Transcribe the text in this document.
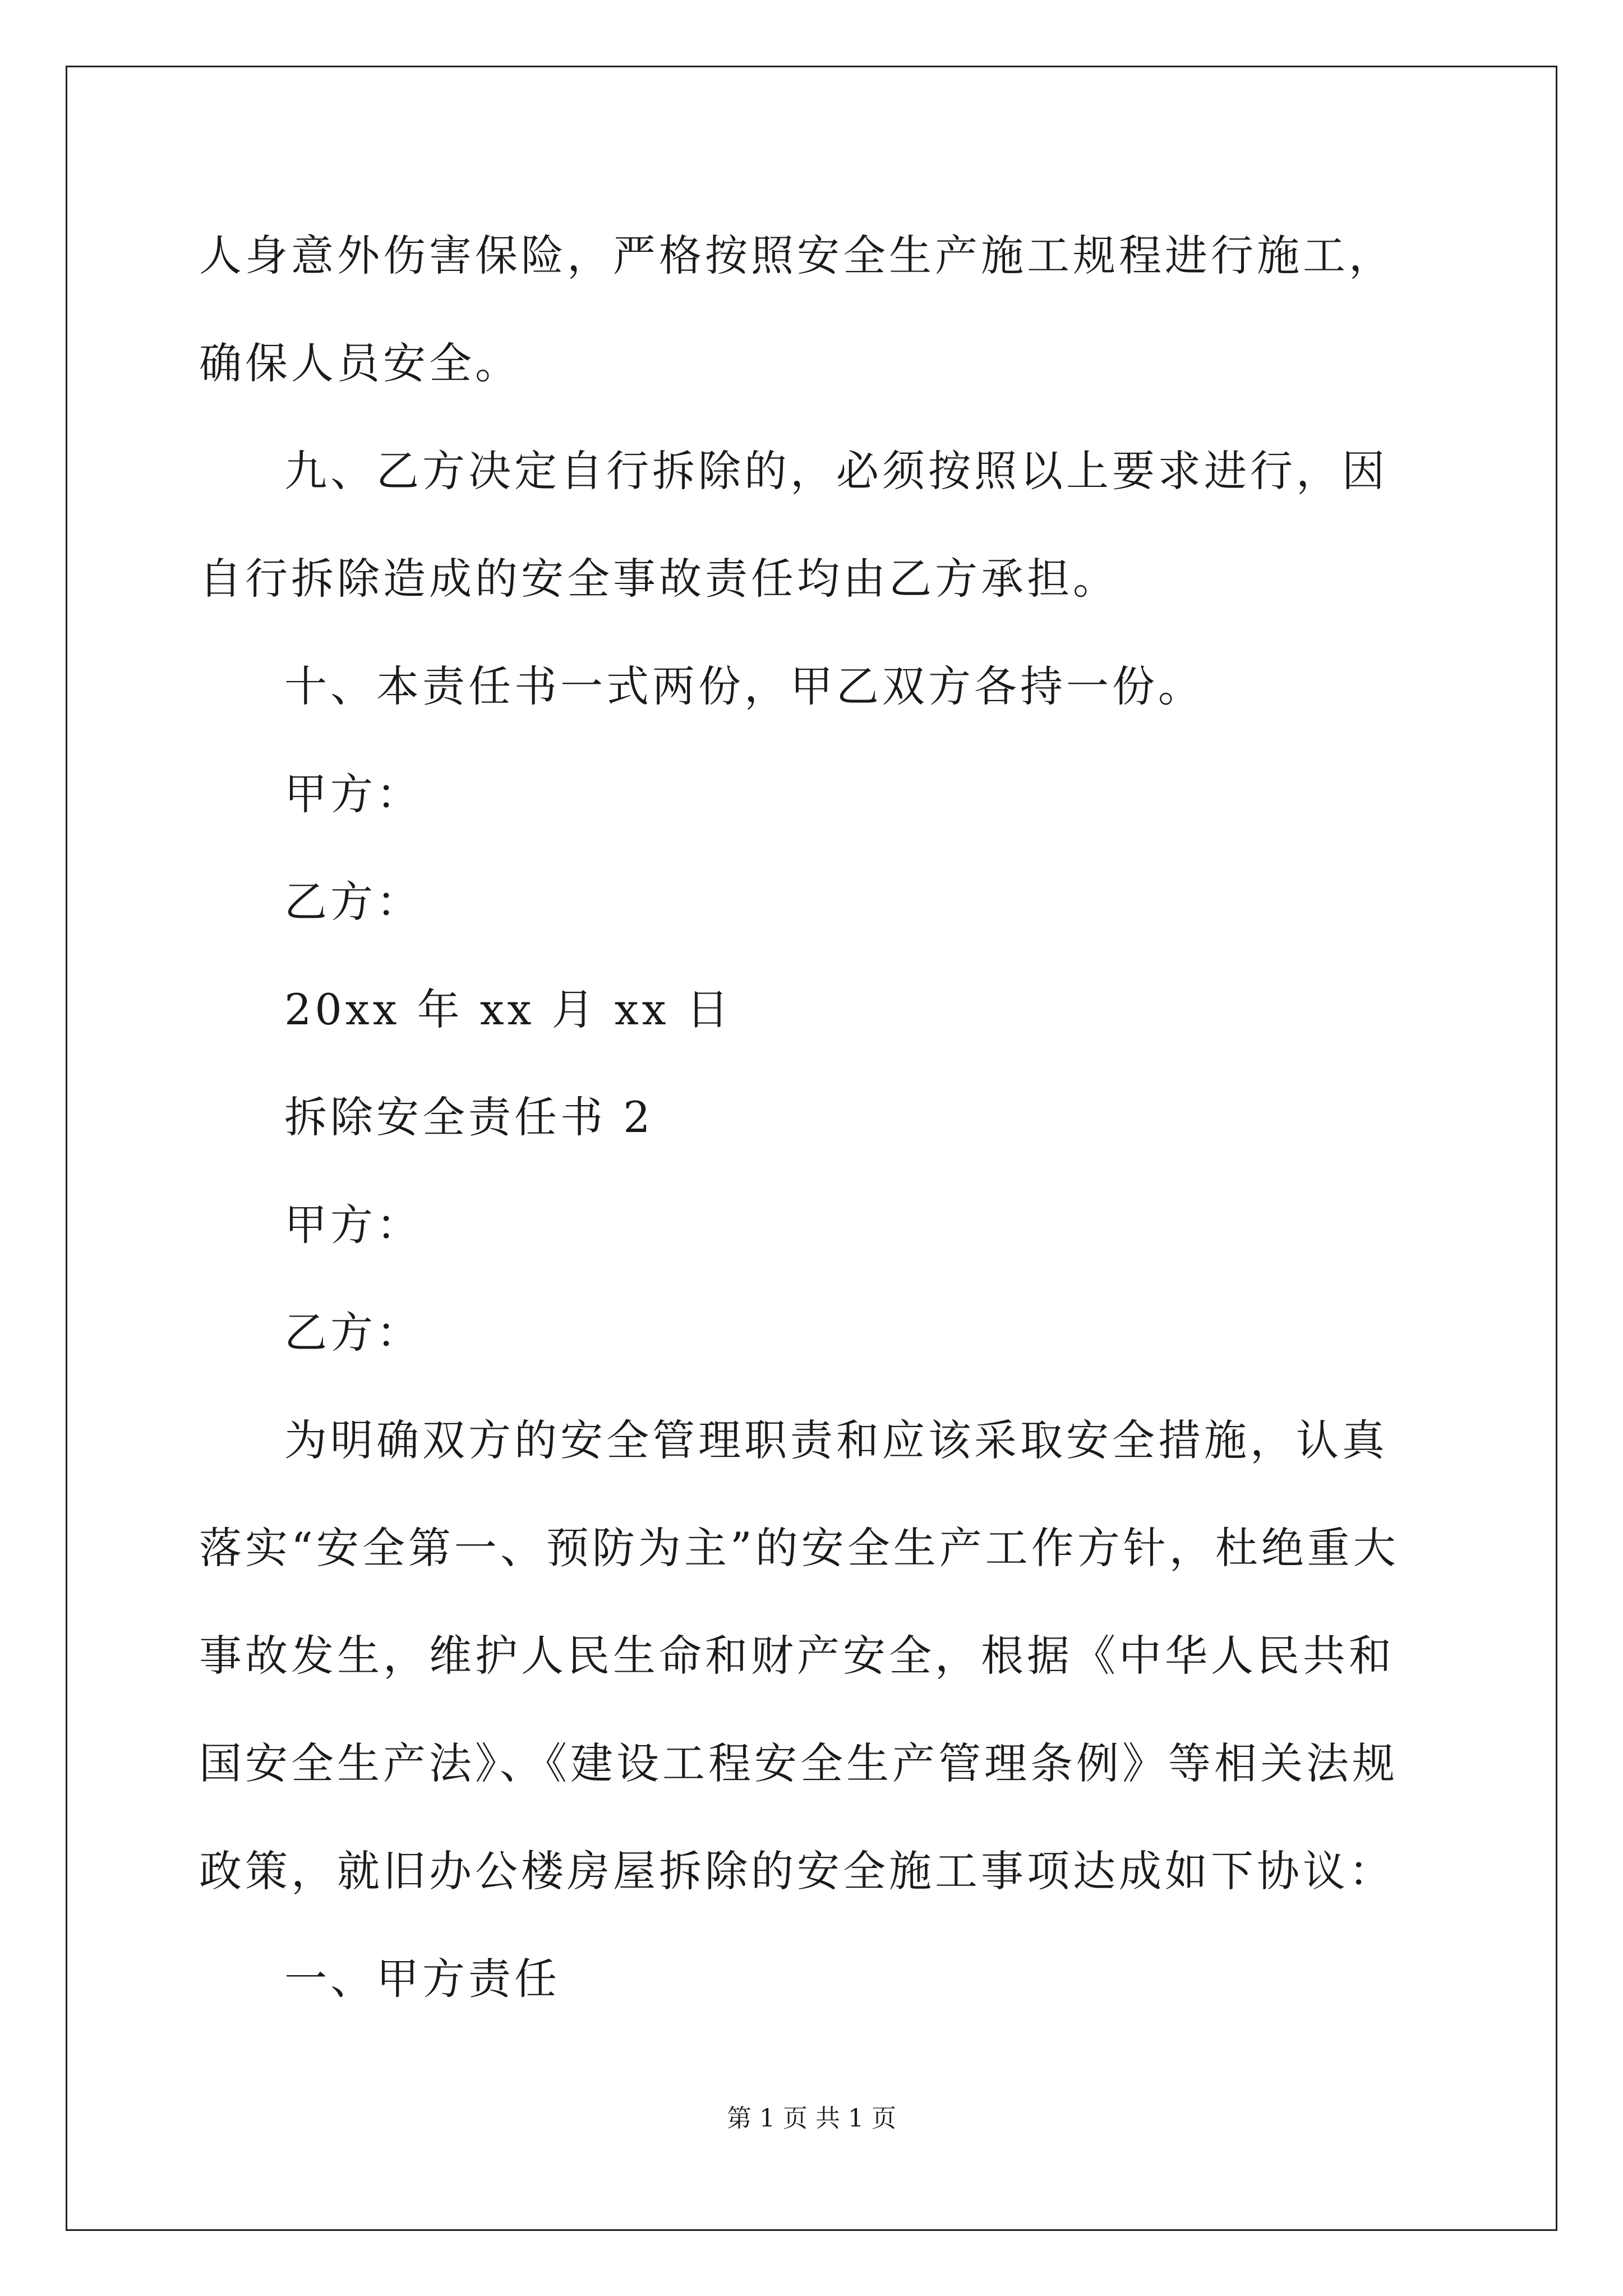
人身意外伤害保险，严格按照安全生产施工规程进行施工，确保人员安全。

九、乙方决定自行拆除的，必须按照以上要求进行，因自行拆除造成的安全事故责任均由乙方承担。

十、本责任书一式两份，甲乙双方各持一份。

甲方：

乙方：

20xx 年 xx 月 xx 日

拆除安全责任书 2

甲方：

乙方：

为明确双方的安全管理职责和应该采取安全措施，认真落实“安全第一、预防为主”的安全生产工作方针，杜绝重大事故发生，维护人民生命和财产安全，根据《中华人民共和国安全生产法》、《建设工程安全生产管理条例》等相关法规政策，就旧办公楼房屋拆除的安全施工事项达成如下协议：

一、甲方责任

第 1 页 共 1 页
